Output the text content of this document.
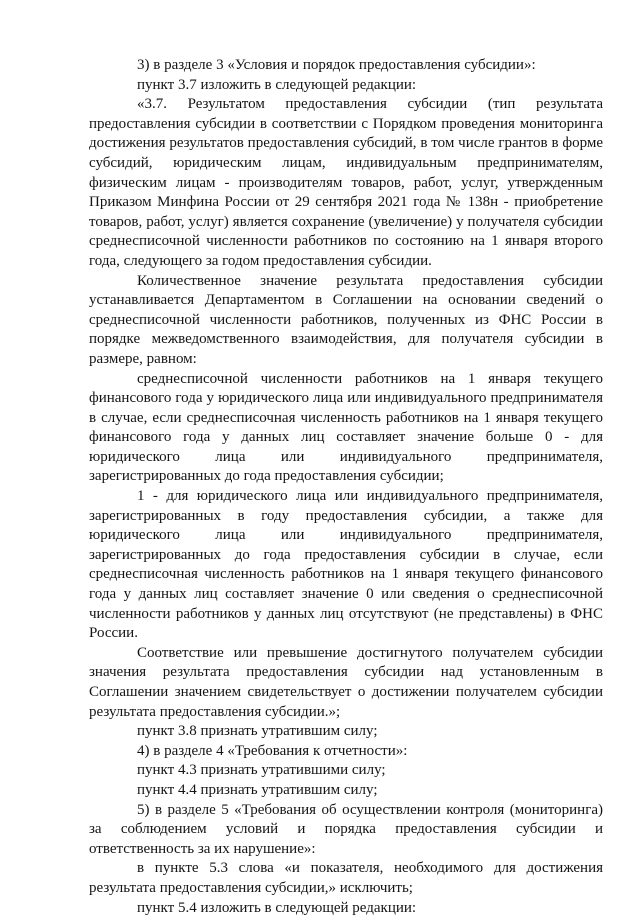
3) в разделе 3 «Условия и порядок предоставления субсидии»:

пункт 3.7 изложить в следующей редакции:

«3.7. Результатом предоставления субсидии (тип результата предоставления субсидии в соответствии с Порядком проведения мониторинга достижения результатов предоставления субсидий, в том числе грантов в форме субсидий, юридическим лицам, индивидуальным предпринимателям, физическим лицам - производителям товаров, работ, услуг, утвержденным Приказом Минфина России от 29 сентября 2021 года № 138н - приобретение товаров, работ, услуг) является сохранение (увеличение) у получателя субсидии среднесписочной численности работников по состоянию на 1 января второго года, следующего за годом предоставления субсидии.

Количественное значение результата предоставления субсидии устанавливается Департаментом в Соглашении на основании сведений о среднесписочной численности работников, полученных из ФНС России в порядке межведомственного взаимодействия, для получателя субсидии в размере, равном:

среднесписочной численности работников на 1 января текущего финансового года у юридического лица или индивидуального предпринимателя в случае, если среднесписочная численность работников на 1 января текущего финансового года у данных лиц составляет значение больше 0 - для юридического лица или индивидуального предпринимателя, зарегистрированных до года предоставления субсидии;

1 - для юридического лица или индивидуального предпринимателя, зарегистрированных в году предоставления субсидии, а также для юридического лица или индивидуального предпринимателя, зарегистрированных до года предоставления субсидии в случае, если среднесписочная численность работников на 1 января текущего финансового года у данных лиц составляет значение 0 или сведения о среднесписочной численности работников у данных лиц отсутствуют (не представлены) в ФНС России.

Соответствие или превышение достигнутого получателем субсидии значения результата предоставления субсидии над установленным в Соглашении значением свидетельствует о достижении получателем субсидии результата предоставления субсидии.»;

пункт 3.8 признать утратившим силу;

4) в разделе 4 «Требования к отчетности»:

пункт 4.3 признать утратившими силу;

пункт 4.4 признать утратившим силу;

5) в разделе 5 «Требования об осуществлении контроля (мониторинга) за соблюдением условий и порядка предоставления субсидии и ответственность за их нарушение»:

в пункте 5.3 слова «и показателя, необходимого для достижения результата предоставления субсидии,» исключить;

пункт 5.4 изложить в следующей редакции:
